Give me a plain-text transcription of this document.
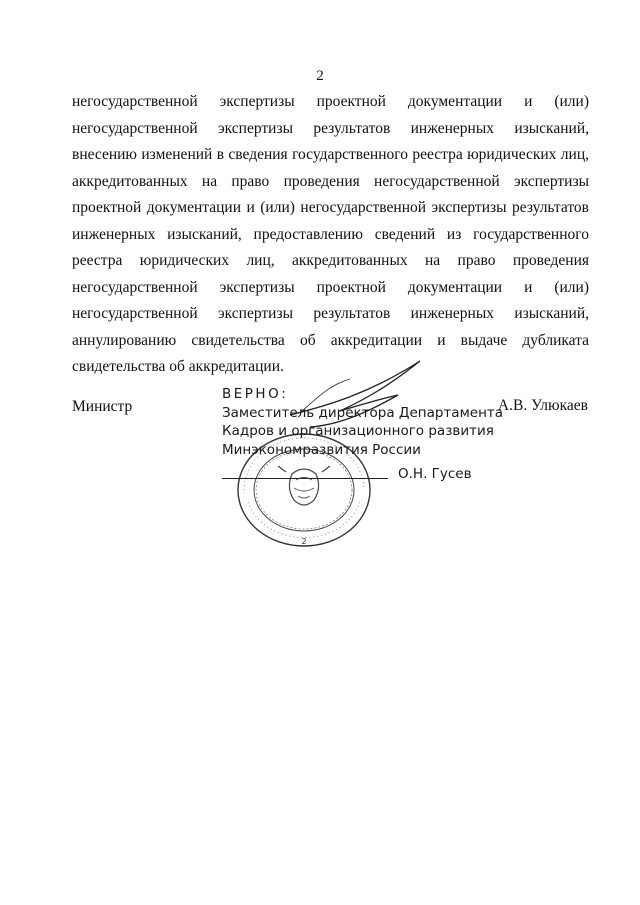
2

негосударственной экспертизы проектной документации и (или) негосударственной экспертизы результатов инженерных изысканий, внесению изменений в сведения государственного реестра юридических лиц, аккредитованных на право проведения негосударственной экспертизы проектной документации и (или) негосударственной экспертизы результатов инженерных изысканий, предоставлению сведений из государственного реестра юридических лиц, аккредитованных на право проведения негосударственной экспертизы проектной документации и (или) негосударственной экспертизы результатов инженерных изысканий, аннулированию свидетельства об аккредитации и выдаче дубликата свидетельства об аккредитации.

Министр
2
ВЕРНО:
Заместитель директора Департамента
Кадров и организационного развития
Минэкономразвития России
О.Н. Гусев
А.В. Улюкаев
